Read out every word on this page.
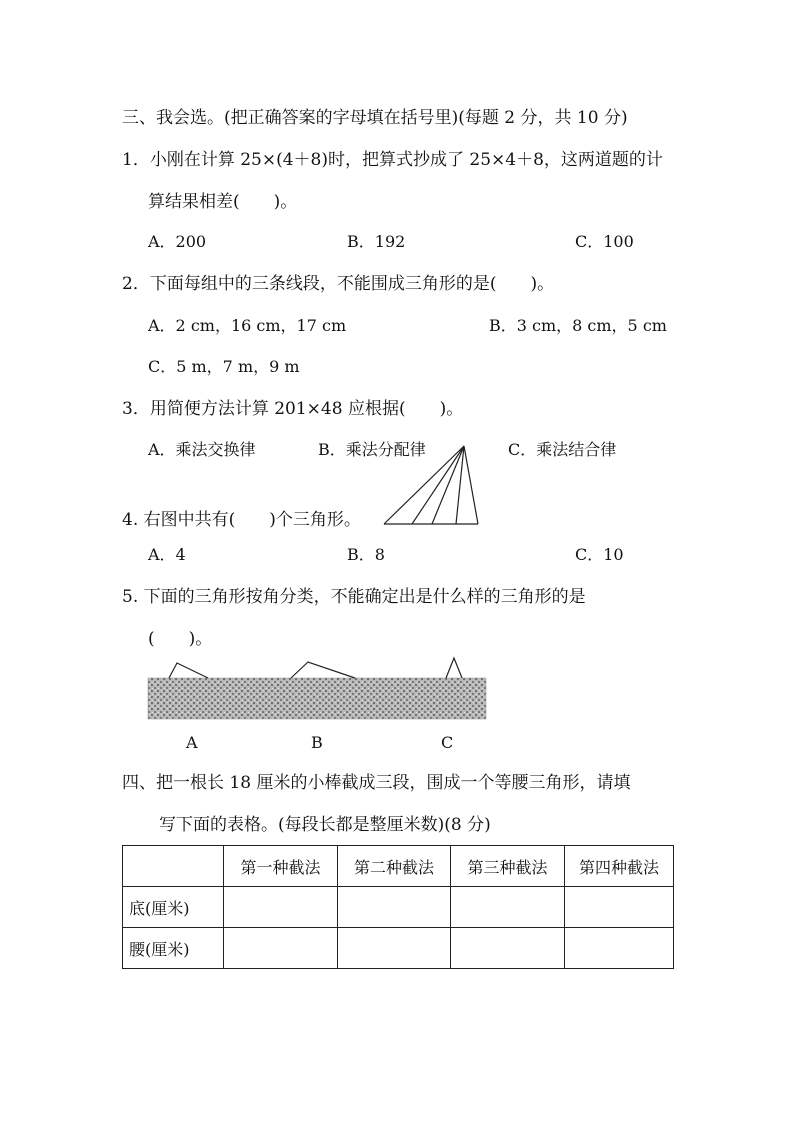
三、我会选。(把正确答案的字母填在括号里)(每题 2 分，共 10 分)
1．小刚在计算 25×(4＋8)时，把算式抄成了 25×4＋8，这两道题的计
算结果相差(　　)。
A．200	B．192	C．100
2．下面每组中的三条线段，不能围成三角形的是(　　)。
A．2 cm，16 cm，17 cm	B．3 cm，8 cm，5 cm
C．5 m，7 m，9 m
3．用简便方法计算 201×48 应根据(　　)。
A．乘法交换律	B．乘法分配律	C．乘法结合律
4. 右图中共有(　　)个三角形。
A．4	B．8	C．10
5. 下面的三角形按角分类，不能确定出是什么样的三角形的是
(　　)。
A	B	C
四、把一根长 18 厘米的小棒截成三段，围成一个等腰三角形，请填
写下面的表格。(每段长都是整厘米数)(8 分)
	第一种截法	第二种截法	第三种截法	第四种截法
底(厘米)				
腰(厘米)				
